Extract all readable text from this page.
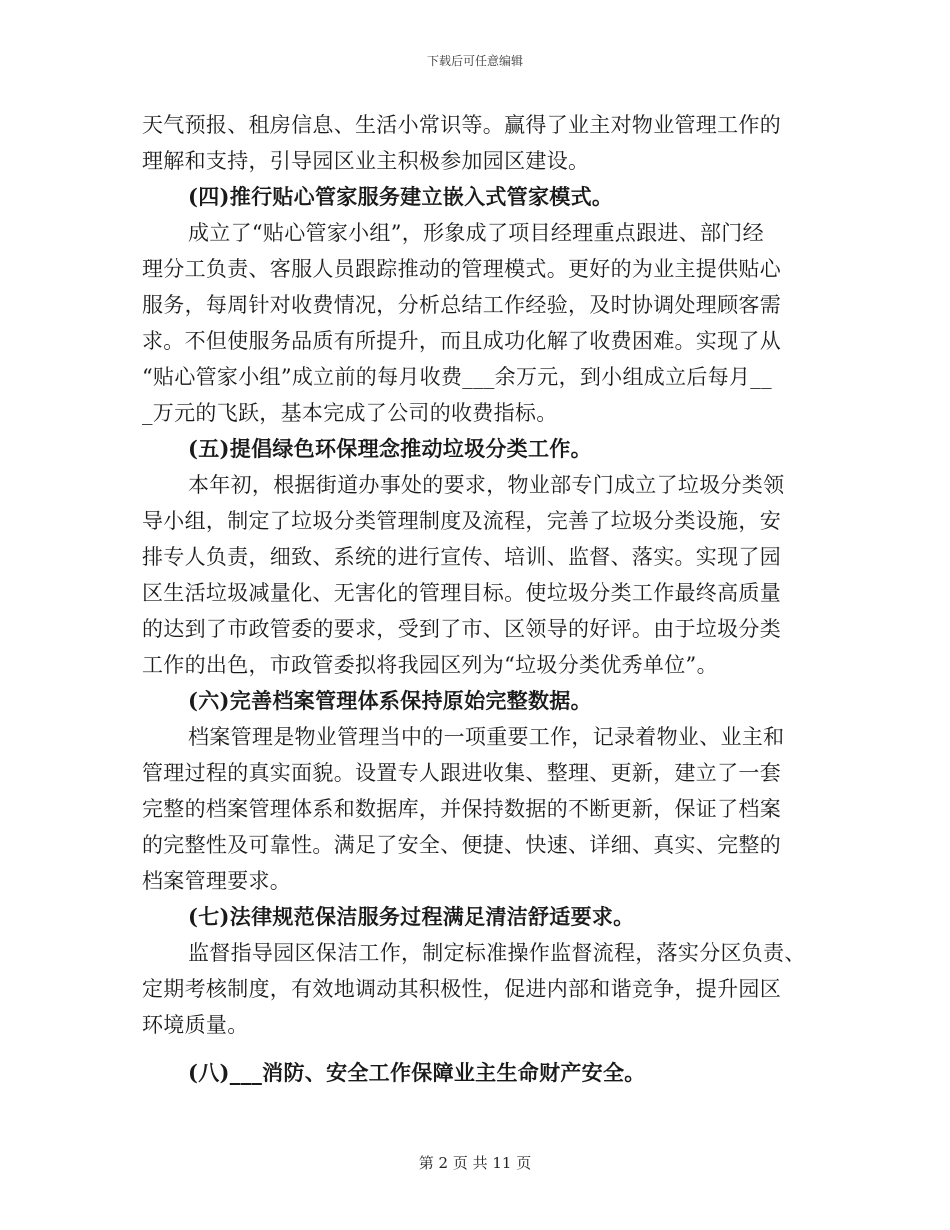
下载后可任意编辑
天气预报、租房信息、生活小常识等。赢得了业主对物业管理工作的
理解和支持，引导园区业主积极参加园区建设。
(四)推行贴心管家服务建立嵌入式管家模式。
成立了“贴心管家小组”，形象成了项目经理重点跟进、部门经
理分工负责、客服人员跟踪推动的管理模式。更好的为业主提供贴心
服务，每周针对收费情况，分析总结工作经验，及时协调处理顾客需
求。不但使服务品质有所提升，而且成功化解了收费困难。实现了从
“贴心管家小组”成立前的每月收费___余万元，到小组成立后每月__
_万元的飞跃，基本完成了公司的收费指标。
(五)提倡绿色环保理念推动垃圾分类工作。
本年初，根据街道办事处的要求，物业部专门成立了垃圾分类领
导小组，制定了垃圾分类管理制度及流程，完善了垃圾分类设施，安
排专人负责，细致、系统的进行宣传、培训、监督、落实。实现了园
区生活垃圾减量化、无害化的管理目标。使垃圾分类工作最终高质量
的达到了市政管委的要求，受到了市、区领导的好评。由于垃圾分类
工作的出色，市政管委拟将我园区列为“垃圾分类优秀单位”。
(六)完善档案管理体系保持原始完整数据。
档案管理是物业管理当中的一项重要工作，记录着物业、业主和
管理过程的真实面貌。设置专人跟进收集、整理、更新，建立了一套
完整的档案管理体系和数据库，并保持数据的不断更新，保证了档案
的完整性及可靠性。满足了安全、便捷、快速、详细、真实、完整的
档案管理要求。
(七)法律规范保洁服务过程满足清洁舒适要求。
监督指导园区保洁工作，制定标准操作监督流程，落实分区负责、
定期考核制度，有效地调动其积极性，促进内部和谐竞争，提升园区
环境质量。
(八)___消防、安全工作保障业主生命财产安全。
第 2 页 共 11 页
